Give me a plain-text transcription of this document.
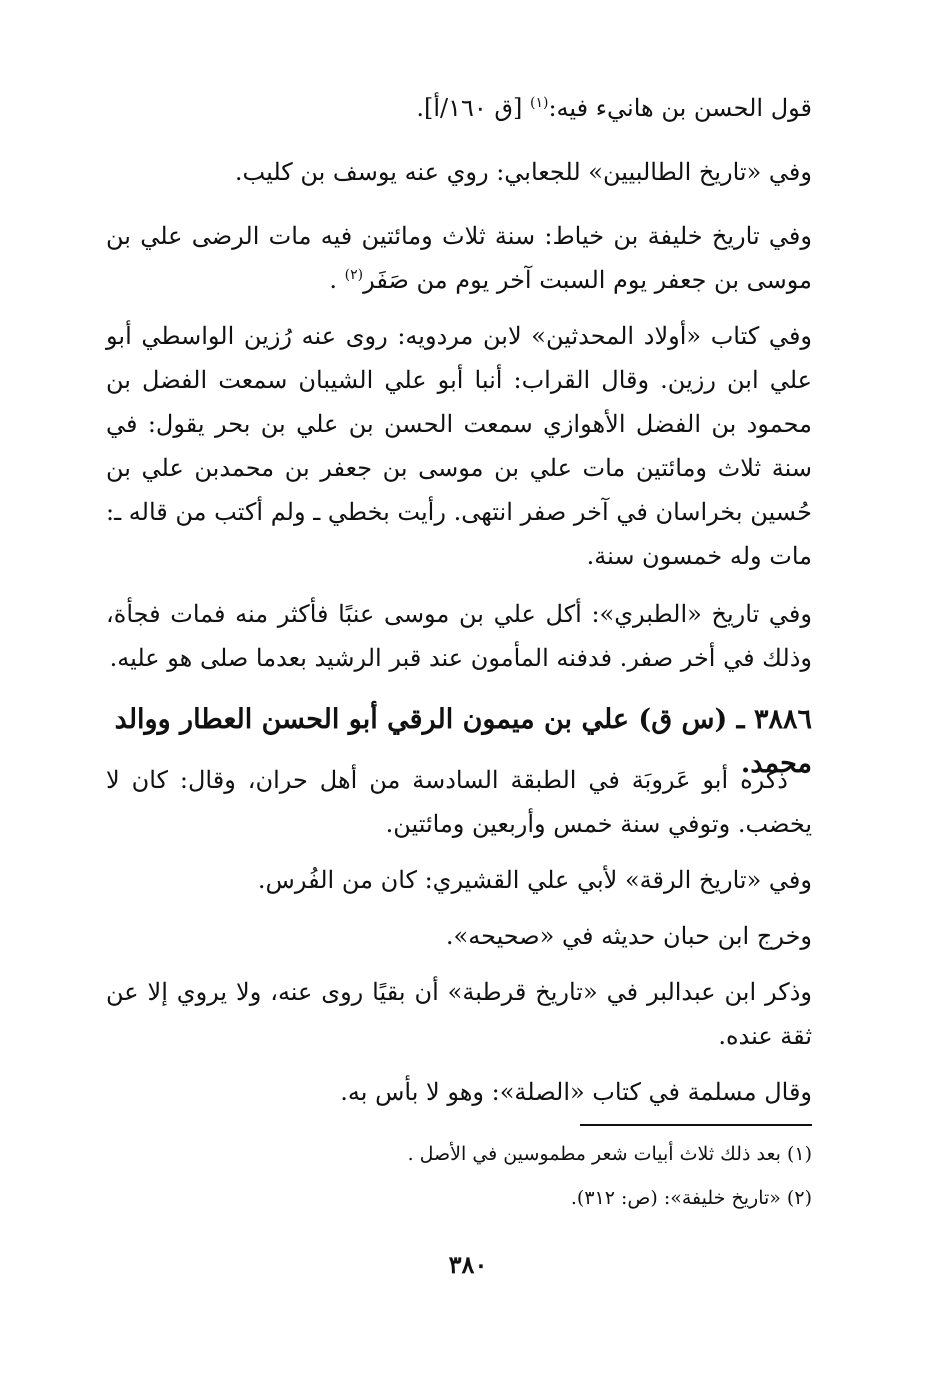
قول الحسن بن هانيء فيه:$^{(١)}$ [ق ١٦٠/أ].

وفي «تاريخ الطالبيين» للجعابي: روي عنه يوسف بن كليب.

وفي تاريخ خليفة بن خياط: سنة ثلاث ومائتين فيه مات الرضى علي بن موسى بن جعفر يوم السبت آخر يوم من صَفَر$^{(٢)}$ .

وفي كتاب «أولاد المحدثين» لابن مردويه: روى عنه رُزين الواسطي أبو علي ابن رزين. وقال القراب: أنبا أبو علي الشيبان سمعت الفضل بن محمود بن الفضل الأهوازي سمعت الحسن بن علي بن بحر يقول: في سنة ثلاث ومائتين مات علي بن موسى بن جعفر بن محمدبن علي بن حُسين بخراسان في آخر صفر انتهى. رأيت بخطي ـ ولم أكتب من قاله ـ: مات وله خمسون سنة.

وفي تاريخ «الطبري»: أكل علي بن موسى عنبًا فأكثر منه فمات فجأة، وذلك في أخر صفر. فدفنه المأمون عند قبر الرشيد بعدما صلى هو عليه.

٣٨٨٦ ـ (س ق) علي بن ميمون الرقي أبو الحسن العطار ووالد محمد.

ذكره أبو عَروبَة في الطبقة السادسة من أهل حران، وقال: كان لا يخضب. وتوفي سنة خمس وأربعين ومائتين.

وفي «تاريخ الرقة» لأبي علي القشيري: كان من الفُرس.

وخرج ابن حبان حديثه في «صحيحه».

وذكر ابن عبدالبر في «تاريخ قرطبة» أن بقيًا روى عنه، ولا يروي إلا عن ثقة عنده.

وقال مسلمة في كتاب «الصلة»: وهو لا بأس به.

(١) بعد ذلك ثلاث أبيات شعر مطموسين في الأصل .

(٢) «تاريخ خليفة»: (ص: ٣١٢).

٣٨٠
